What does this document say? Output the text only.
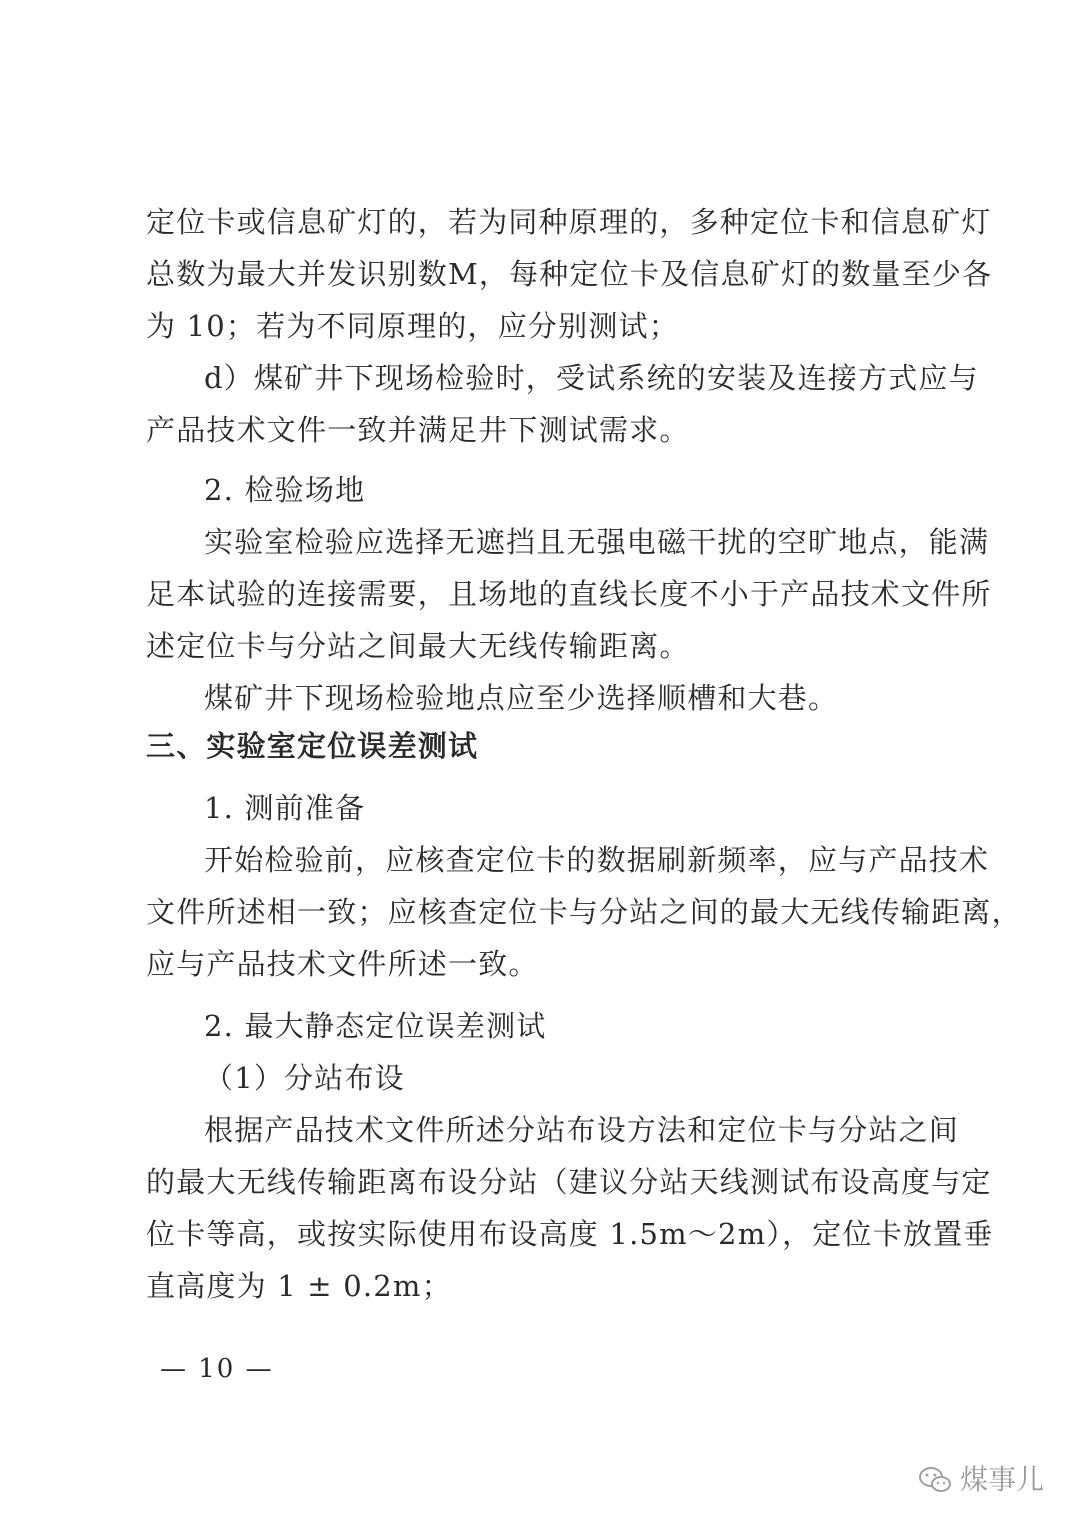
定位卡或信息矿灯的，若为同种原理的，多种定位卡和信息矿灯
总数为最大并发识别数M，每种定位卡及信息矿灯的数量至少各
为 10；若为不同原理的，应分别测试；
d）煤矿井下现场检验时，受试系统的安装及连接方式应与
产品技术文件一致并满足井下测试需求。
2. 检验场地
实验室检验应选择无遮挡且无强电磁干扰的空旷地点，能满
足本试验的连接需要，且场地的直线长度不小于产品技术文件所
述定位卡与分站之间最大无线传输距离。
煤矿井下现场检验地点应至少选择顺槽和大巷。
三、实验室定位误差测试
1. 测前准备
开始检验前，应核查定位卡的数据刷新频率，应与产品技术
文件所述相一致；应核查定位卡与分站之间的最大无线传输距离，
应与产品技术文件所述一致。
2. 最大静态定位误差测试
（1）分站布设
根据产品技术文件所述分站布设方法和定位卡与分站之间
的最大无线传输距离布设分站（建议分站天线测试布设高度与定
位卡等高，或按实际使用布设高度 1.5m～2m），定位卡放置垂
直高度为 1 ± 0.2m；
— 10 —
煤事儿
